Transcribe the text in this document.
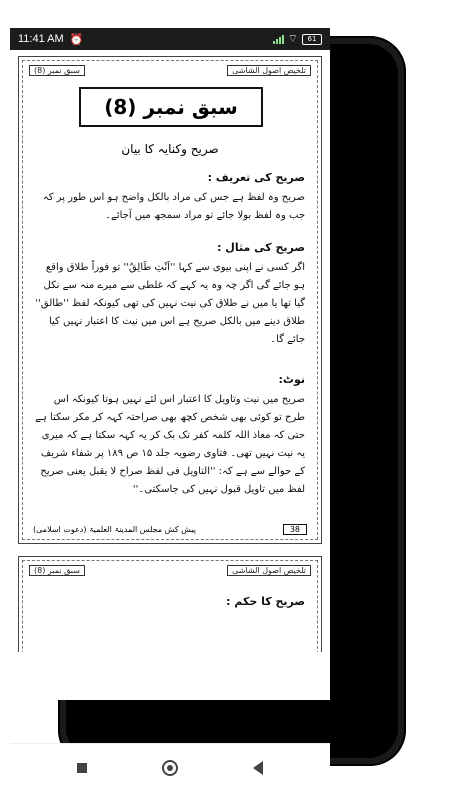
سبق نمبر (8)	تلخیص اصول الشاشی
سبق نمبر (8)
صریح وکنایہ کا بیان
صریح کی تعریف :
صریح وہ لفظ ہے جس کی مراد بالکل واضح ہو اس طور پر کہ جب وہ لفظ بولا جائے تو مراد سمجھ میں آجائے۔
صریح کی مثال :
اگر کسی نے اپنی بیوی سے کہا ''اَنْتِ طَالِقٌ'' تو فوراً طلاق واقع ہو جائے گی اگر چہ وہ یہ کہے کہ غلطی سے میرے منہ سے نکل گیا تھا یا میں نے طلاق کی نیت نہیں کی تھی کیونکہ لفظ ''طالق'' طلاق دینے میں بالکل صریح ہے اس میں نیت کا اعتبار نہیں کیا جائے گا۔
نوٹ:
صریح میں نیت وتاویل کا اعتبار اس لئے نہیں ہوتا کیونکہ اس طرح تو کوئی بھی شخص کچھ بھی صراحتہ کہہ کر مکر سکتا ہے حتی کہ معاذ اللہ کلمہ کفر تک بک کر یہ کہہ سکتا ہے کہ میری یہ نیت نہیں تھی۔ فتاوی رضویہ جلد ۱۵ ص ۱۸۹ پر شفاء شریف کے حوالے سے ہے کہ: ''التاویل فی لفظ صراح لا یقبل یعنی صریح لفظ میں تاویل قبول نہیں کی جاسکتی۔''
پیش کش مجلس المدینۃ العلمیۃ (دعوت اسلامی)	38
سبق نمبر (8)	تلخیص اصول الشاشی
صریح کا حکم :
11:41 AM ⏰	⌔	61
